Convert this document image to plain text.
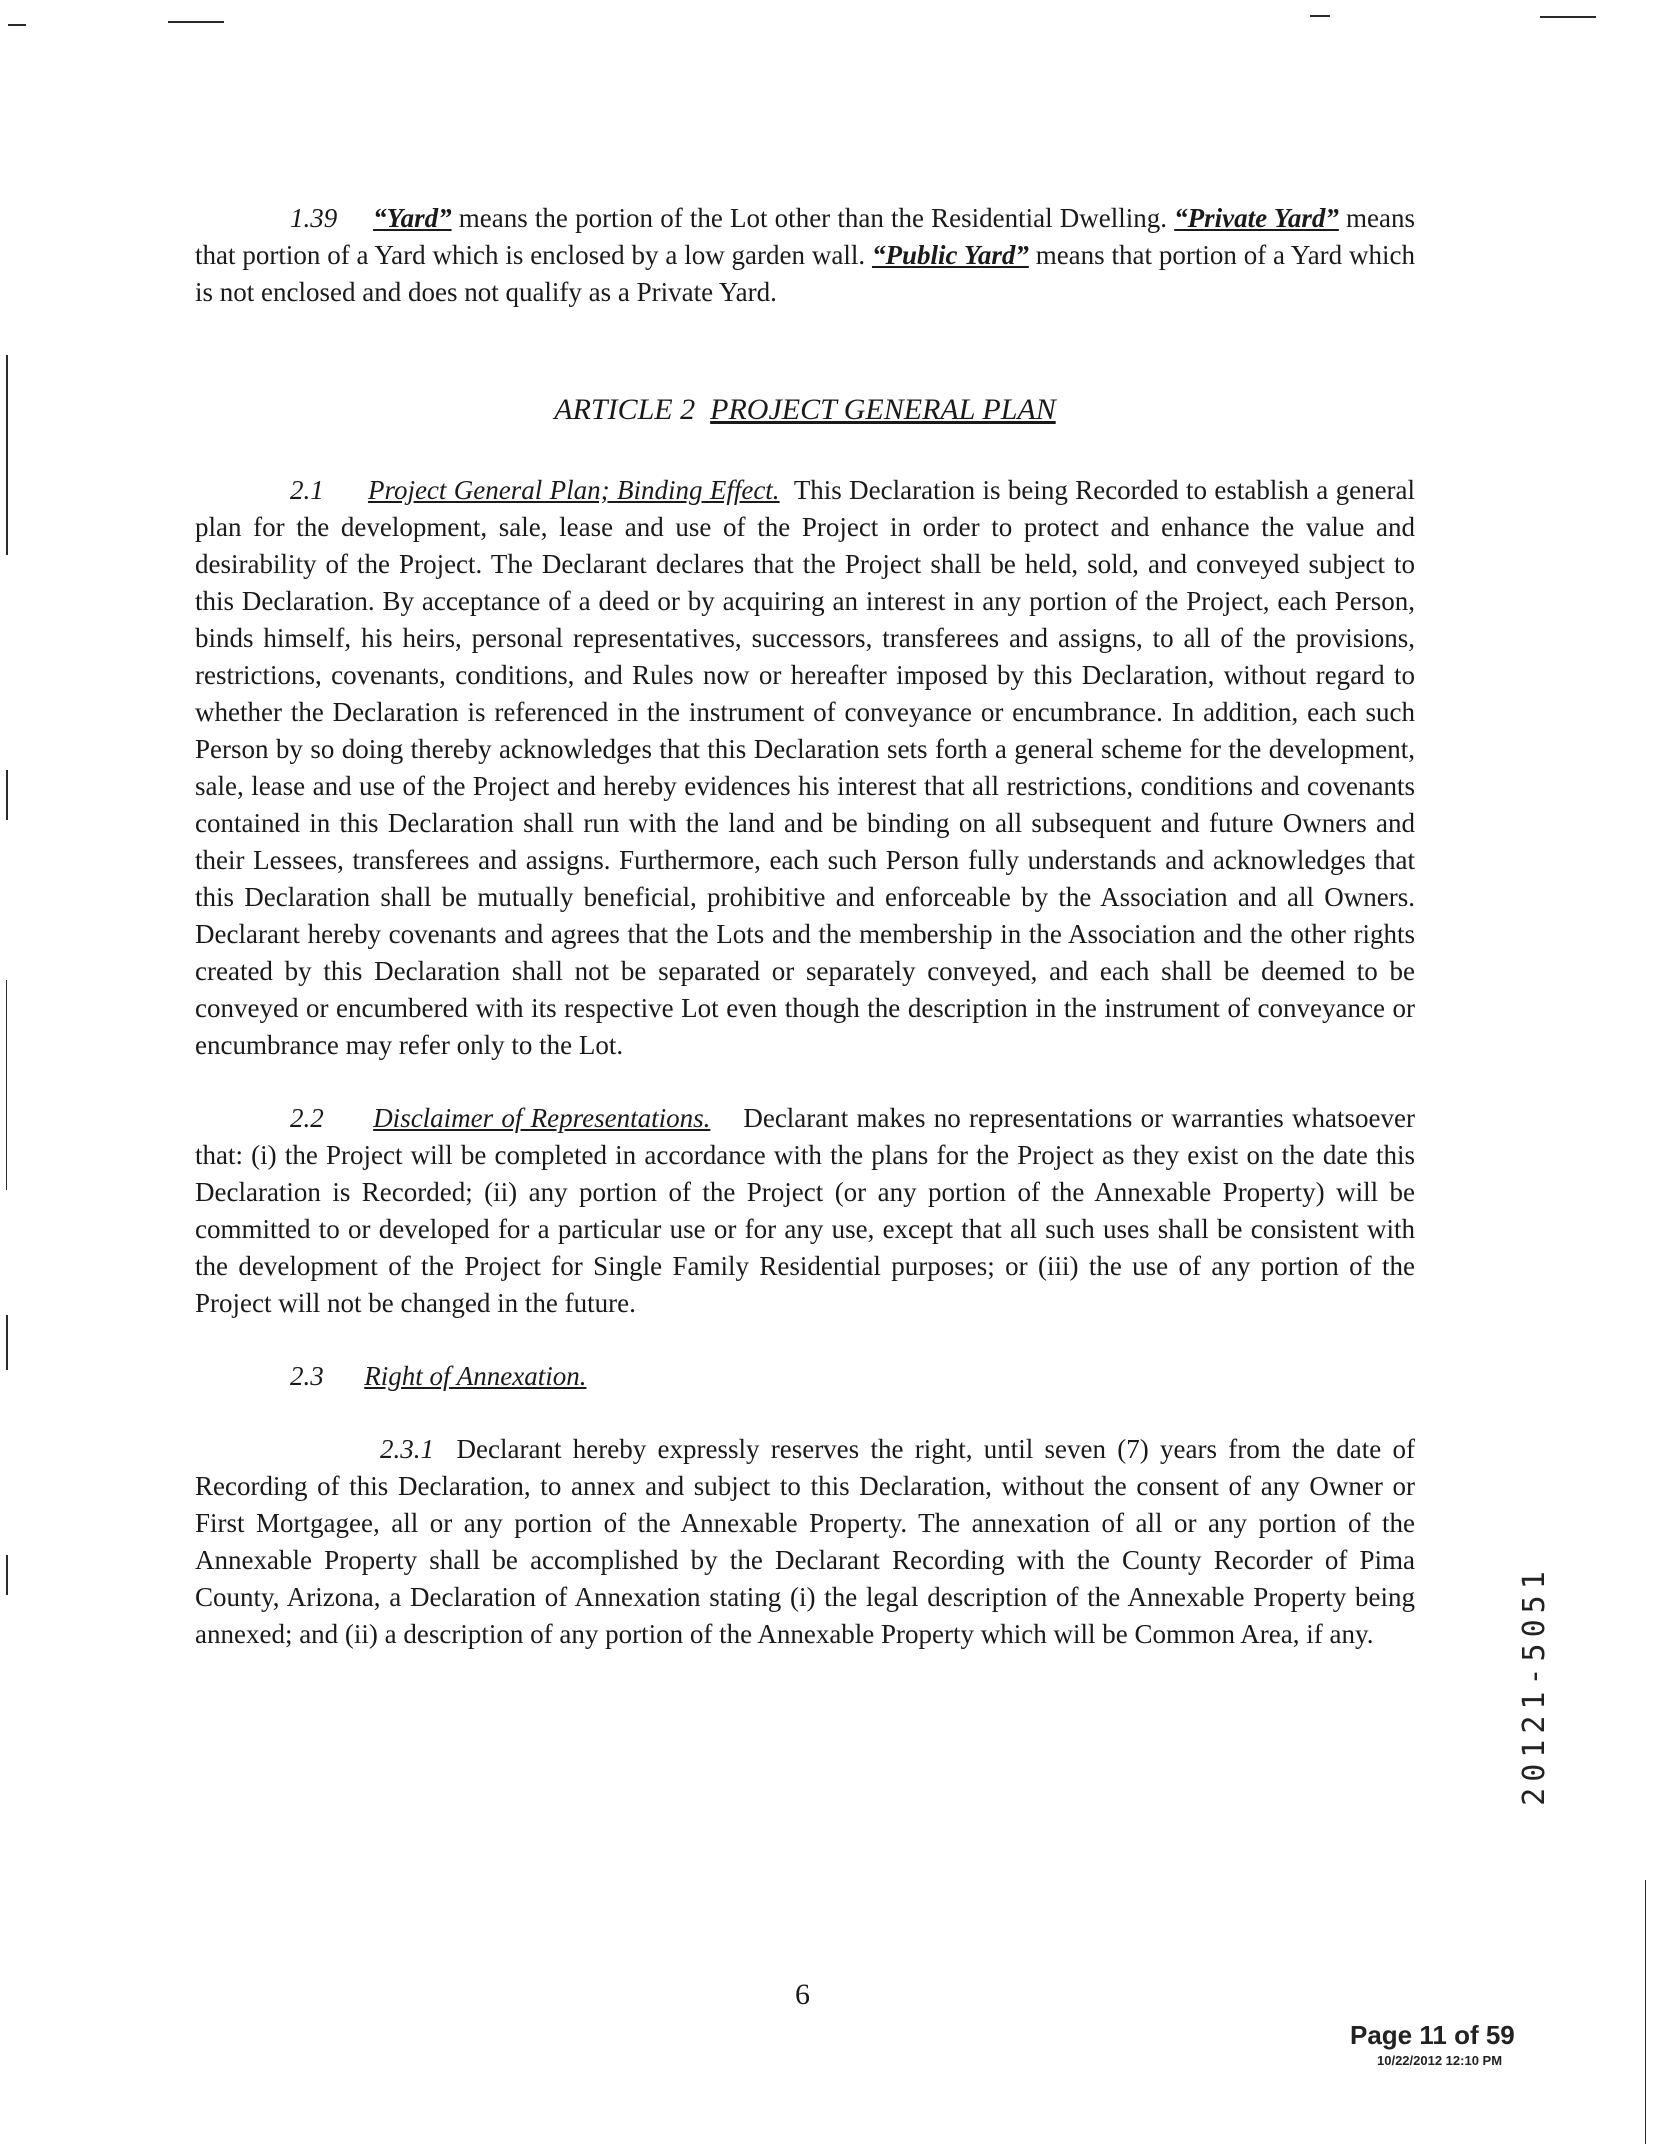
1.39 “Yard” means the portion of the Lot other than the Residential Dwelling. “Private Yard” means that portion of a Yard which is enclosed by a low garden wall. “Public Yard” means that portion of a Yard which is not enclosed and does not qualify as a Private Yard.

ARTICLE 2 PROJECT GENERAL PLAN

2.1 Project General Plan; Binding Effect. This Declaration is being Recorded to establish a general plan for the development, sale, lease and use of the Project in order to protect and enhance the value and desirability of the Project. The Declarant declares that the Project shall be held, sold, and conveyed subject to this Declaration. By acceptance of a deed or by acquiring an interest in any portion of the Project, each Person, binds himself, his heirs, personal representatives, successors, transferees and assigns, to all of the provisions, restrictions, covenants, conditions, and Rules now or hereafter imposed by this Declaration, without regard to whether the Declaration is referenced in the instrument of conveyance or encumbrance. In addition, each such Person by so doing thereby acknowledges that this Declaration sets forth a general scheme for the development, sale, lease and use of the Project and hereby evidences his interest that all restrictions, conditions and covenants contained in this Declaration shall run with the land and be binding on all subsequent and future Owners and their Lessees, transferees and assigns. Furthermore, each such Person fully understands and acknowledges that this Declaration shall be mutually beneficial, prohibitive and enforceable by the Association and all Owners. Declarant hereby covenants and agrees that the Lots and the membership in the Association and the other rights created by this Declaration shall not be separated or separately conveyed, and each shall be deemed to be conveyed or encumbered with its respective Lot even though the description in the instrument of conveyance or encumbrance may refer only to the Lot.

2.2 Disclaimer of Representations. Declarant makes no representations or warranties whatsoever that: (i) the Project will be completed in accordance with the plans for the Project as they exist on the date this Declaration is Recorded; (ii) any portion of the Project (or any portion of the Annexable Property) will be committed to or developed for a particular use or for any use, except that all such uses shall be consistent with the development of the Project for Single Family Residential purposes; or (iii) the use of any portion of the Project will not be changed in the future.

2.3 Right of Annexation.

2.3.1 Declarant hereby expressly reserves the right, until seven (7) years from the date of Recording of this Declaration, to annex and subject to this Declaration, without the consent of any Owner or First Mortgagee, all or any portion of the Annexable Property. The annexation of all or any portion of the Annexable Property shall be accomplished by the Declarant Recording with the County Recorder of Pima County, Arizona, a Declaration of Annexation stating (i) the legal description of the Annexable Property being annexed; and (ii) a description of any portion of the Annexable Property which will be Common Area, if any.

6
20121-5051
Page 11 of 59
10/22/2012 12:10 PM
